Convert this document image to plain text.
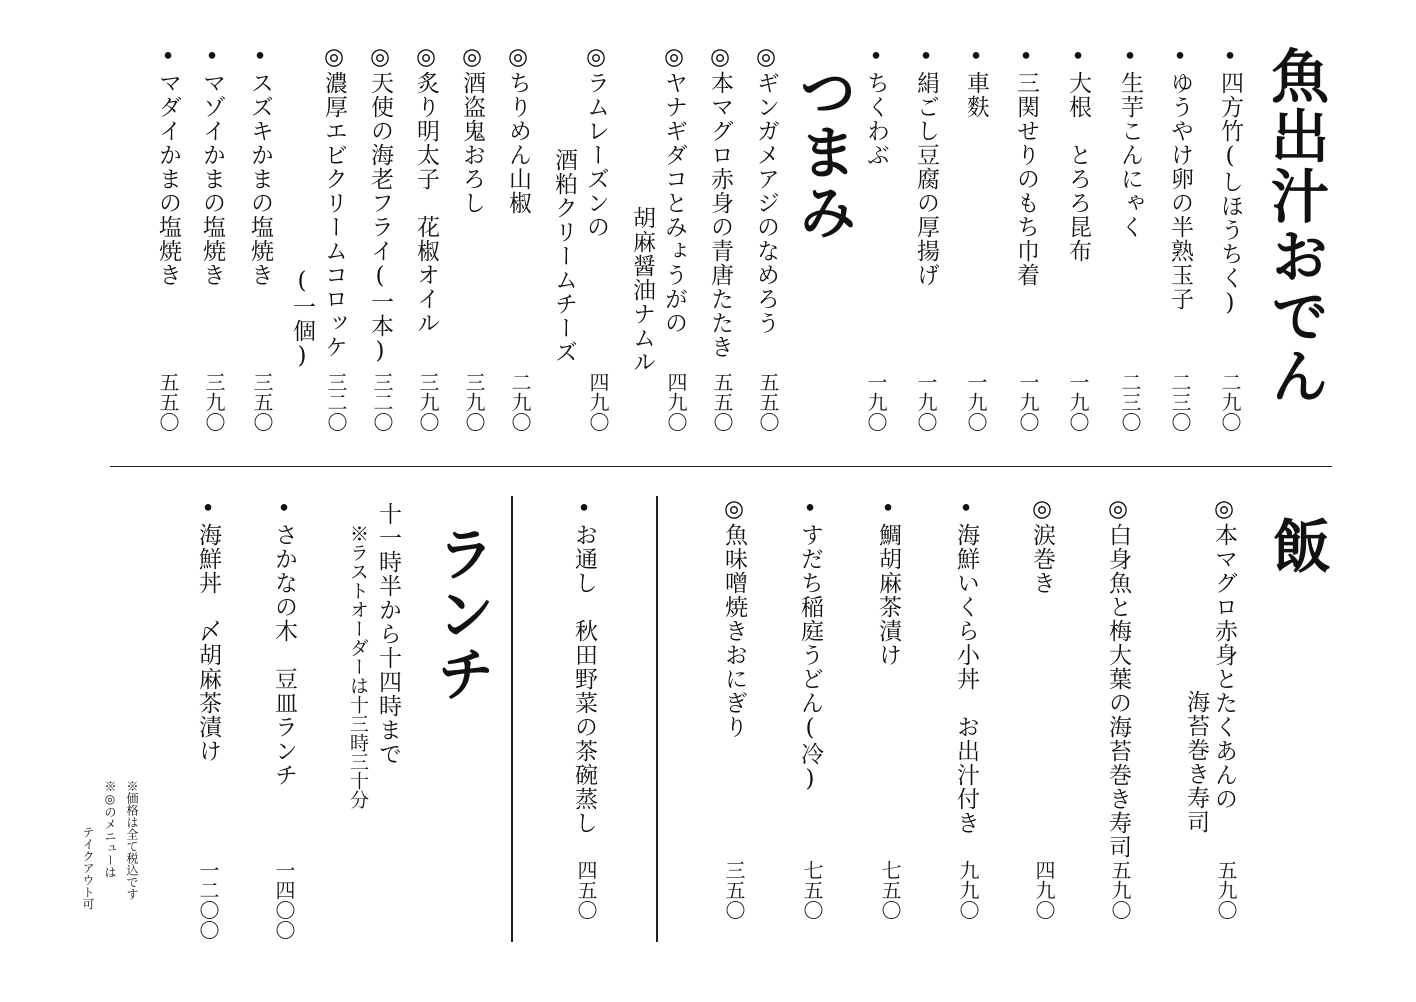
魚出汁おでん
•四方竹(しほうちく)
二九〇
•ゆうやけ卵の半熟玉子
二三〇
•生芋こんにゃく
二三〇
•大根　とろろ昆布
一九〇
•三関せりのもち巾着
一九〇
•車麩
一九〇
•絹ごし豆腐の厚揚げ
一九〇
•ちくわぶ
一九〇
つまみ
◎ギンガメアジのなめろう
五五〇
◎本マグロ赤身の青唐たたき
五五〇
◎ヤナギダコとみょうがの
胡麻醤油ナムル
四九〇
◎ラムレーズンの
酒粕クリームチーズ
四九〇
◎ちりめん山椒
二九〇
◎酒盗鬼おろし
三九〇
◎炙り明太子　花椒オイル
三九〇
◎天使の海老フライ(一本)
三二〇
◎濃厚エビクリームコロッケ
(一個)
三二〇
•スズキかまの塩焼き
三五〇
•マゾイかまの塩焼き
三九〇
•マダイかまの塩焼き
五五〇
飯
◎本マグロ赤身とたくあんの
海苔巻き寿司
五九〇
◎白身魚と梅大葉の海苔巻き寿司
五九〇
◎涙巻き
四九〇
•海鮮いくら小丼　お出汁付き
九九〇
•鯛胡麻茶漬け
七五〇
•すだち稲庭うどん(冷)
七五〇
◎魚味噌焼きおにぎり
三五〇
•お通し　秋田野菜の茶碗蒸し
四五〇
ランチ
十一時半から十四時まで
※ラストオーダーは十三時三十分
•さかなの木　豆皿ランチ
一四〇〇
•海鮮丼　〆胡麻茶漬け
一二〇〇
※価格は全て税込です
※◎のメニューは
テイクアウト可
